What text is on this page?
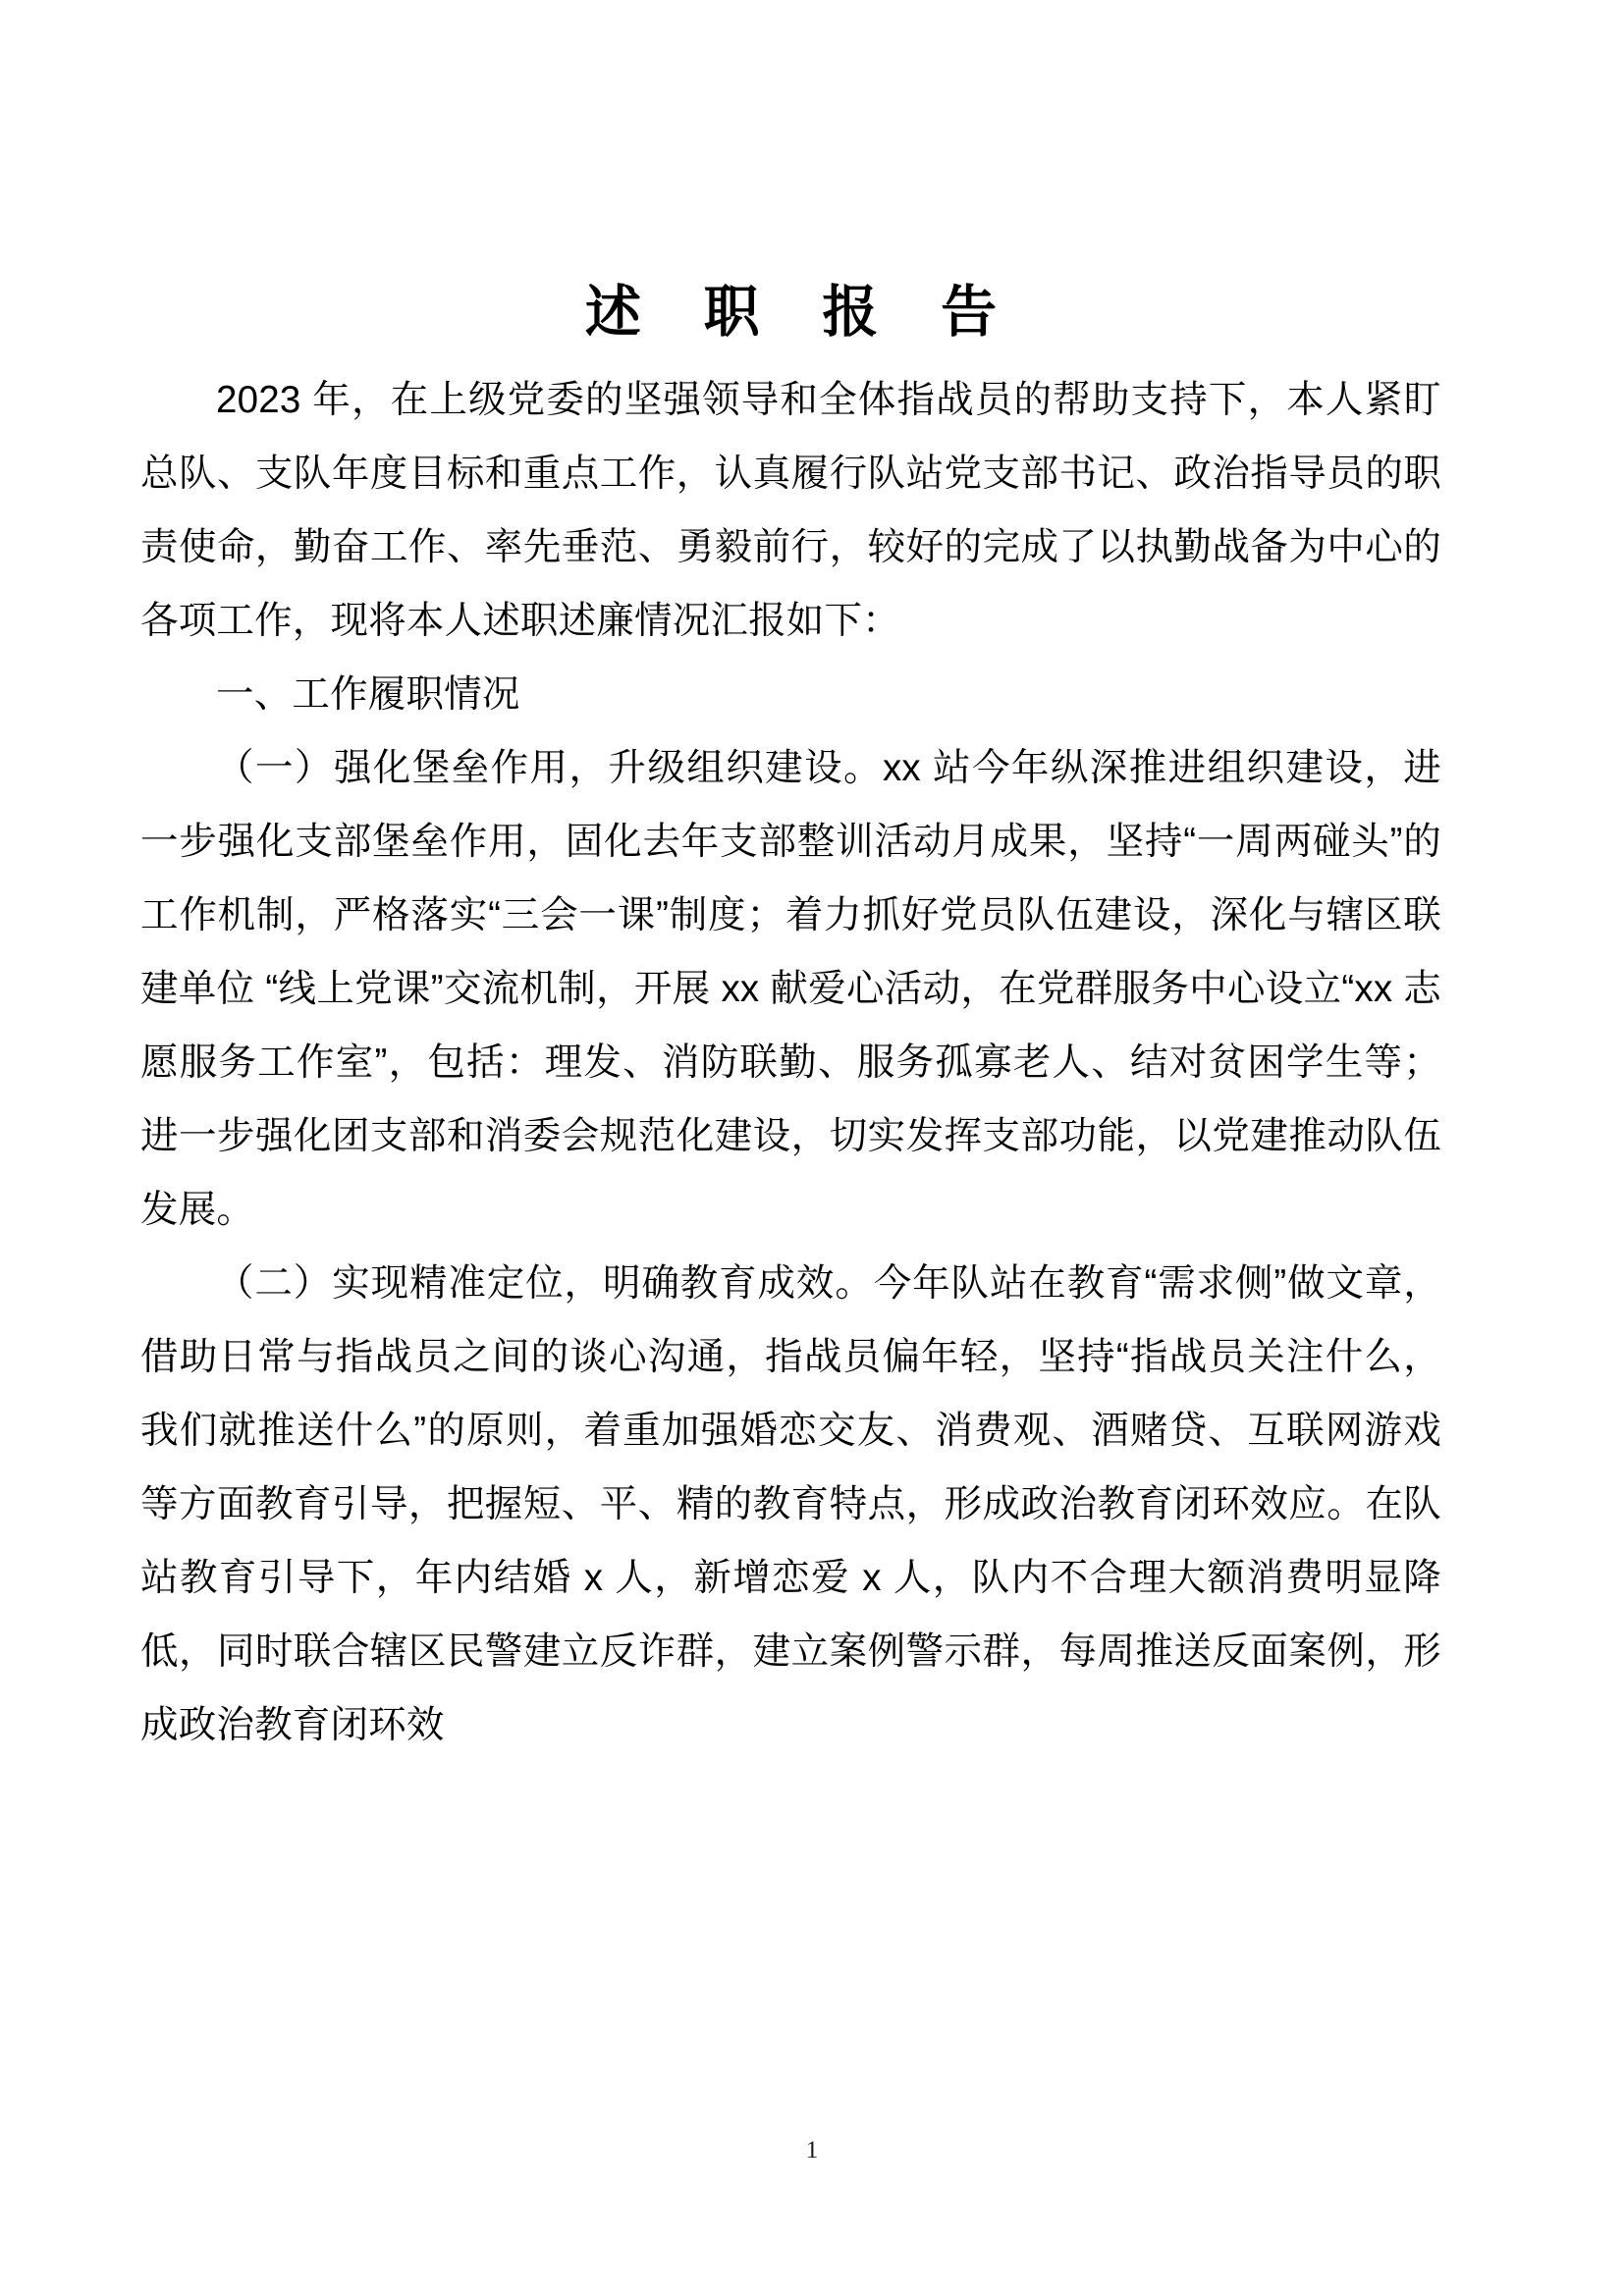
述 职 报 告

2023 年，在上级党委的坚强领导和全体指战员的帮助支持下，本人紧盯总队、支队年度目标和重点工作，认真履行队站党支部书记、政治指导员的职责使命，勤奋工作、率先垂范、勇毅前行，较好的完成了以执勤战备为中心的各项工作，现将本人述职述廉情况汇报如下：

一、工作履职情况

（一）强化堡垒作用，升级组织建设。xx 站今年纵深推进组织建设，进一步强化支部堡垒作用，固化去年支部整训活动月成果，坚持“一周两碰头”的工作机制，严格落实“三会一课”制度；着力抓好党员队伍建设，深化与辖区联建单位 “线上党课”交流机制，开展 xx 献爱心活动，在党群服务中心设立“xx 志愿服务工作室”，包括：理发、消防联勤、服务孤寡老人、结对贫困学生等；进一步强化团支部和消委会规范化建设，切实发挥支部功能，以党建推动队伍发展。

（二）实现精准定位，明确教育成效。今年队站在教育“需求侧”做文章，借助日常与指战员之间的谈心沟通，指战员偏年轻，坚持“指战员关注什么，我们就推送什么”的原则，着重加强婚恋交友、消费观、酒赌贷、互联网游戏等方面教育引导，把握短、平、精的教育特点，形成政治教育闭环效应。在队站教育引导下，年内结婚 x 人，新增恋爱 x 人，队内不合理大额消费明显降低，同时联合辖区民警建立反诈群，建立案例警示群，每周推送反面案例，形成政治教育闭环效

1
